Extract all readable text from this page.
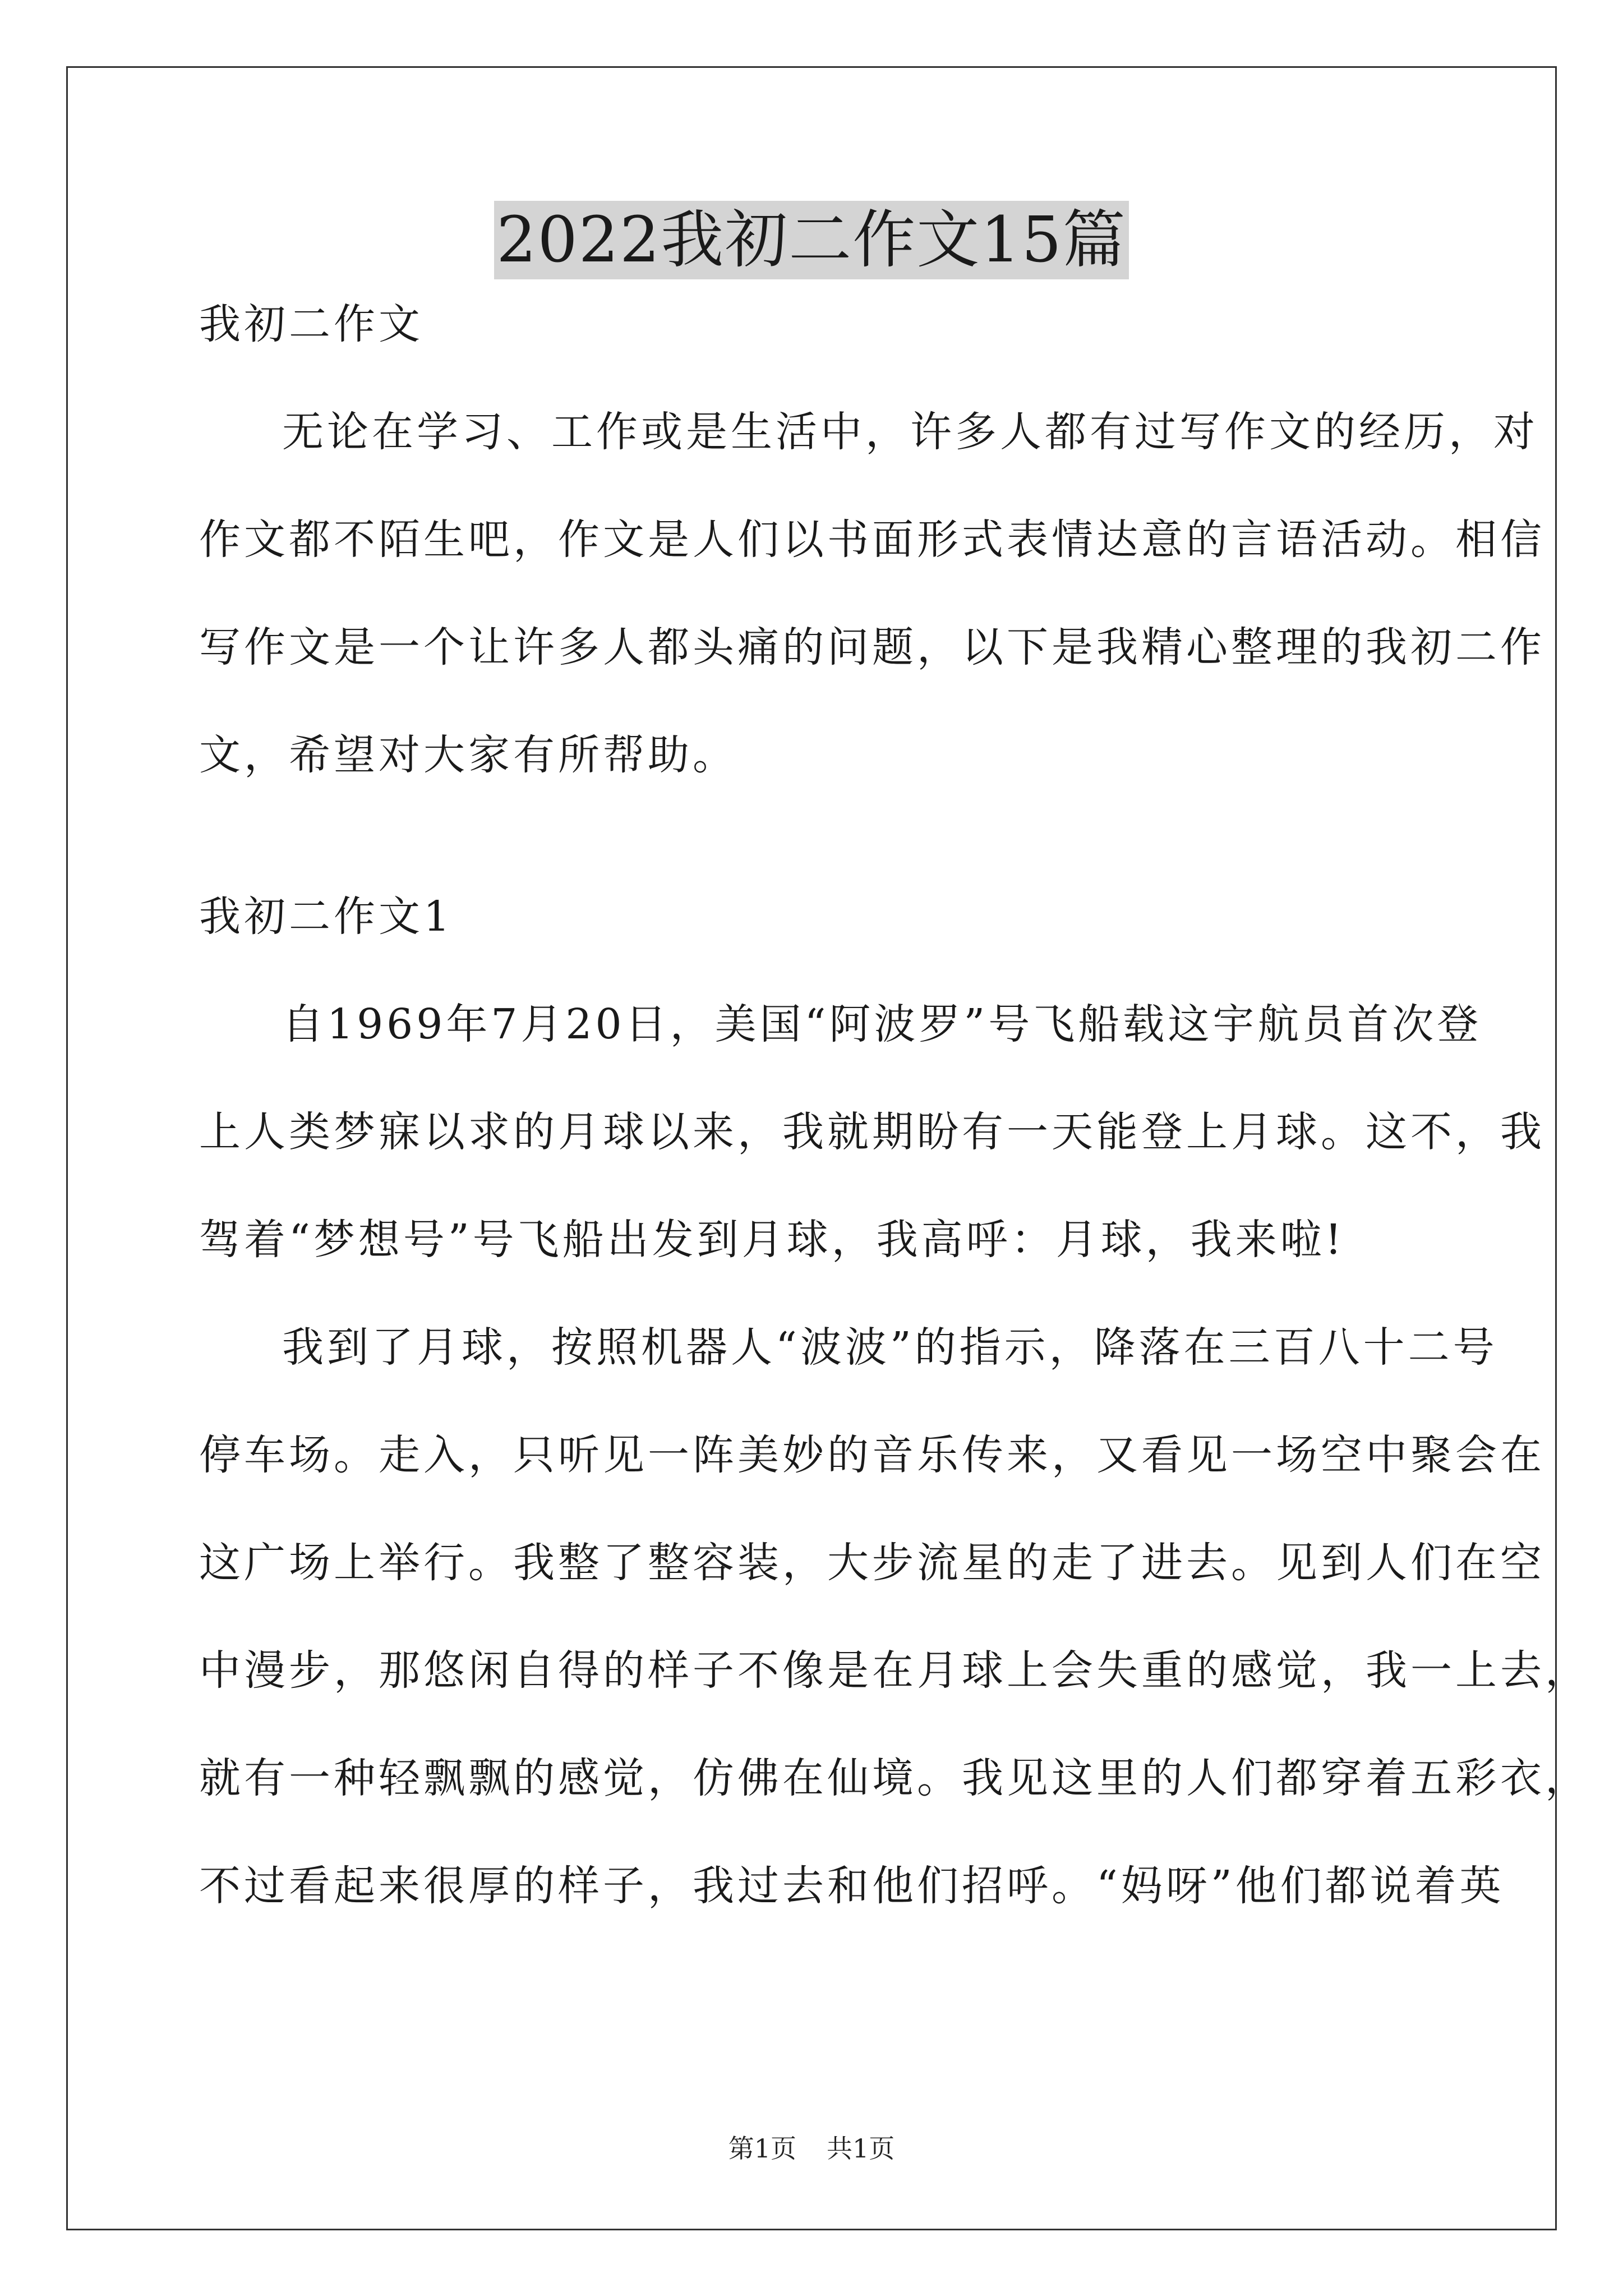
2022我初二作文15篇
我初二作文
无论在学习、工作或是生活中，许多人都有过写作文的经历，对
作文都不陌生吧，作文是人们以书面形式表情达意的言语活动。相信
写作文是一个让许多人都头痛的问题，以下是我精心整理的我初二作
文，希望对大家有所帮助。
我初二作文1
自1969年7月20日，美国“阿波罗”号飞船载这宇航员首次登
上人类梦寐以求的月球以来，我就期盼有一天能登上月球。这不，我
驾着“梦想号”号飞船出发到月球，我高呼：月球，我来啦!
我到了月球，按照机器人“波波”的指示，降落在三百八十二号
停车场。走入，只听见一阵美妙的音乐传来，又看见一场空中聚会在
这广场上举行。我整了整容装，大步流星的走了进去。见到人们在空
中漫步，那悠闲自得的样子不像是在月球上会失重的感觉，我一上去，
就有一种轻飘飘的感觉，仿佛在仙境。我见这里的人们都穿着五彩衣，
不过看起来很厚的样子，我过去和他们招呼。“妈呀”他们都说着英
第1页 共1页
